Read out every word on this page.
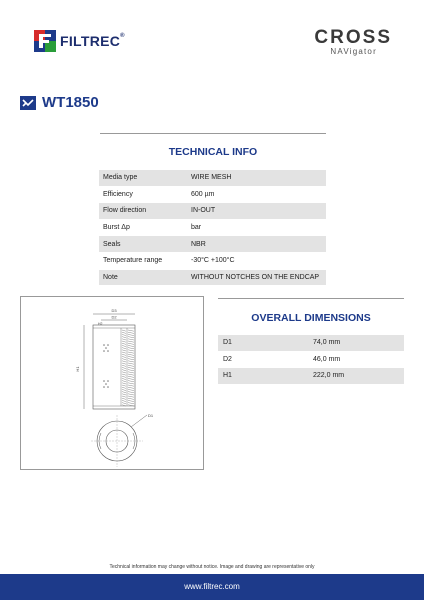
FILTREC®	CROSS
NAVigator
WT1850
TECHNICAL INFO
Media type	WIRE MESH
Efficiency	600 µm
Flow direction	IN-OUT
Burst Δp	bar
Seals	NBR
Temperature range	-30°C +100°C
Note	WITHOUT NOTCHES ON THE ENDCAP
D3
D2
H2
H1
D1
OVERALL DIMENSIONS
D1	74,0 mm
D2	46,0 mm
H1	222,0 mm
Technical information may change without notice. Image and drawing are representative only
www.filtrec.com
